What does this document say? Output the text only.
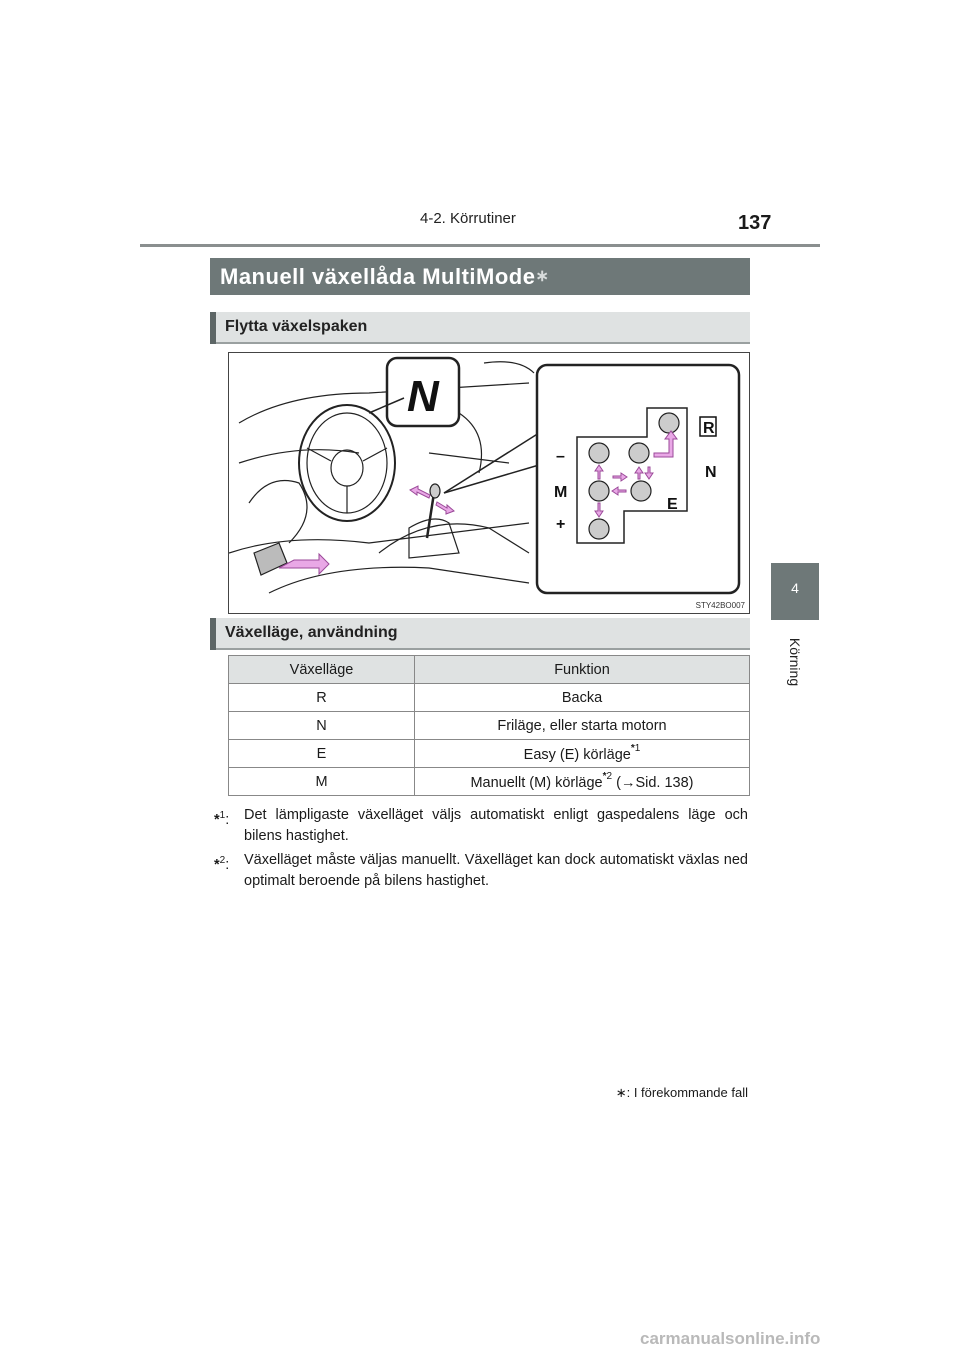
4-2. Körrutiner	137
4
Körning
Manuell växellåda MultiMode ∗
Flytta växelspaken
N
–
M
+
R
N
E
STY42BO007
Växelläge, användning
Växelläge	Funktion
R	Backa
N	Friläge, eller starta motorn
E	Easy (E) körläge$^{*1}$
M	Manuellt (M) körläge$^{*2}$ (→Sid. 138)
*$^1$: Det lämpligaste växelläget väljs automatiskt enligt gaspedalens läge och bilens hastighet.
*$^2$: Växelläget måste väljas manuellt. Växelläget kan dock automatiskt växlas ned optimalt beroende på bilens hastighet.
∗: I förekommande fall
carmanualsonline.info
